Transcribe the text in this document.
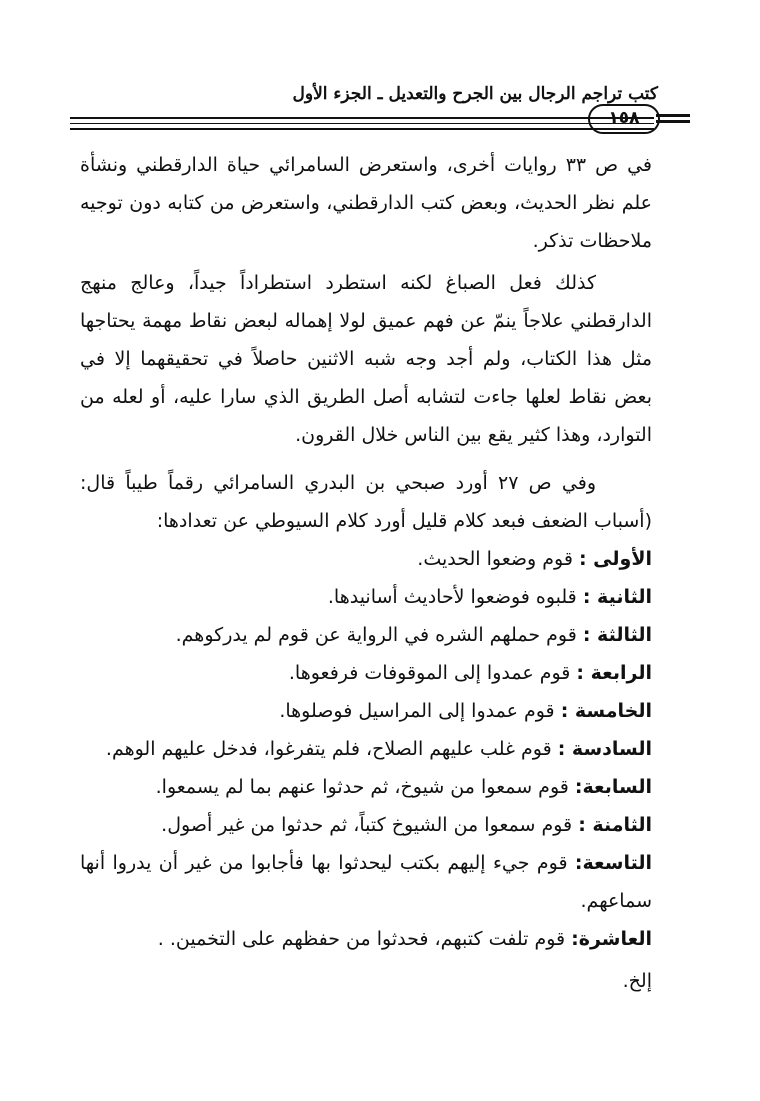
كتب تراجم الرجال بين الجرح والتعديل ـ الجزء الأول
١٥٨

في ص ٣٣ روايات أخرى، واستعرض السامرائي حياة الدارقطني ونشأة علم نظر الحديث، وبعض كتب الدارقطني، واستعرض من كتابه دون توجيه ملاحظات تذكر.

كذلك فعل الصباغ لكنه استطرد استطراداً جيداً، وعالج منهج الدارقطني علاجاً ينمّ عن فهم عميق لولا إهماله لبعض نقاط مهمة يحتاجها مثل هذا الكتاب، ولم أجد وجه شبه الاثنين حاصلاً في تحقيقهما إلا في بعض نقاط لعلها جاءت لتشابه أصل الطريق الذي سارا عليه، أو لعله من التوارد، وهذا كثير يقع بين الناس خلال القرون.

وفي ص ٢٧ أورد صبحي بن البدري السامرائي رقماً طيباً قال: (أسباب الضعف فبعد كلام قليل أورد كلام السيوطي عن تعدادها:

الأولى : قوم وضعوا الحديث.
الثانية : قلبوه فوضعوا لأحاديث أسانيدها.
الثالثة : قوم حملهم الشره في الرواية عن قوم لم يدركوهم.
الرابعة : قوم عمدوا إلى الموقوفات فرفعوها.
الخامسة : قوم عمدوا إلى المراسيل فوصلوها.
السادسة : قوم غلب عليهم الصلاح، فلم يتفرغوا، فدخل عليهم الوهم.
السابعة: قوم سمعوا من شيوخ، ثم حدثوا عنهم بما لم يسمعوا.
الثامنة : قوم سمعوا من الشيوخ كتباً، ثم حدثوا من غير أصول.
التاسعة: قوم جيء إليهم بكتب ليحدثوا بها فأجابوا من غير أن يدروا أنها سماعهم.
العاشرة: قوم تلفت كتبهم، فحدثوا من حفظهم على التخمين. .

إلخ.
